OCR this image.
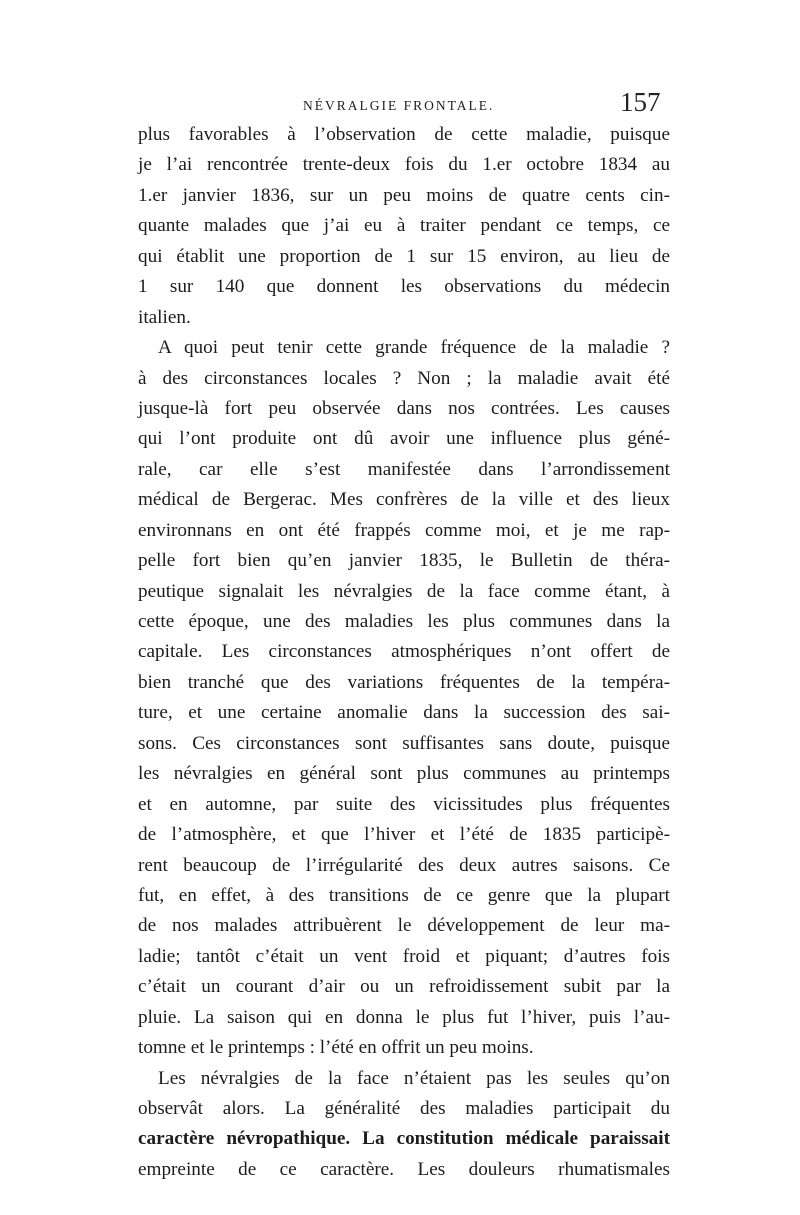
NÉVRALGIE FRONTALE.	157
plus favorables à l’observation de cette maladie, puisque
je l’ai rencontrée trente-deux fois du 1.er octobre 1834 au
1.er janvier 1836, sur un peu moins de quatre cents cin-
quante malades que j’ai eu à traiter pendant ce temps, ce
qui établit une proportion de 1 sur 15 environ, au lieu de
1 sur 140 que donnent les observations du médecin
italien.
A quoi peut tenir cette grande fréquence de la maladie ?
à des circonstances locales ? Non ; la maladie avait été
jusque-là fort peu observée dans nos contrées. Les causes
qui l’ont produite ont dû avoir une influence plus géné-
rale, car elle s’est manifestée dans l’arrondissement
médical de Bergerac. Mes confrères de la ville et des lieux
environnans en ont été frappés comme moi, et je me rap-
pelle fort bien qu’en janvier 1835, le Bulletin de théra-
peutique signalait les névralgies de la face comme étant, à
cette époque, une des maladies les plus communes dans la
capitale. Les circonstances atmosphériques n’ont offert de
bien tranché que des variations fréquentes de la tempéra-
ture, et une certaine anomalie dans la succession des sai-
sons. Ces circonstances sont suffisantes sans doute, puisque
les névralgies en général sont plus communes au printemps
et en automne, par suite des vicissitudes plus fréquentes
de l’atmosphère, et que l’hiver et l’été de 1835 participè-
rent beaucoup de l’irrégularité des deux autres saisons. Ce
fut, en effet, à des transitions de ce genre que la plupart
de nos malades attribuèrent le développement de leur ma-
ladie; tantôt c’était un vent froid et piquant; d’autres fois
c’était un courant d’air ou un refroidissement subit par la
pluie. La saison qui en donna le plus fut l’hiver, puis l’au-
tomne et le printemps : l’été en offrit un peu moins.
Les névralgies de la face n’étaient pas les seules qu’on
observât alors. La généralité des maladies participait du
caractère névropathique. La constitution médicale paraissait
empreinte de ce caractère. Les douleurs rhumatismales
